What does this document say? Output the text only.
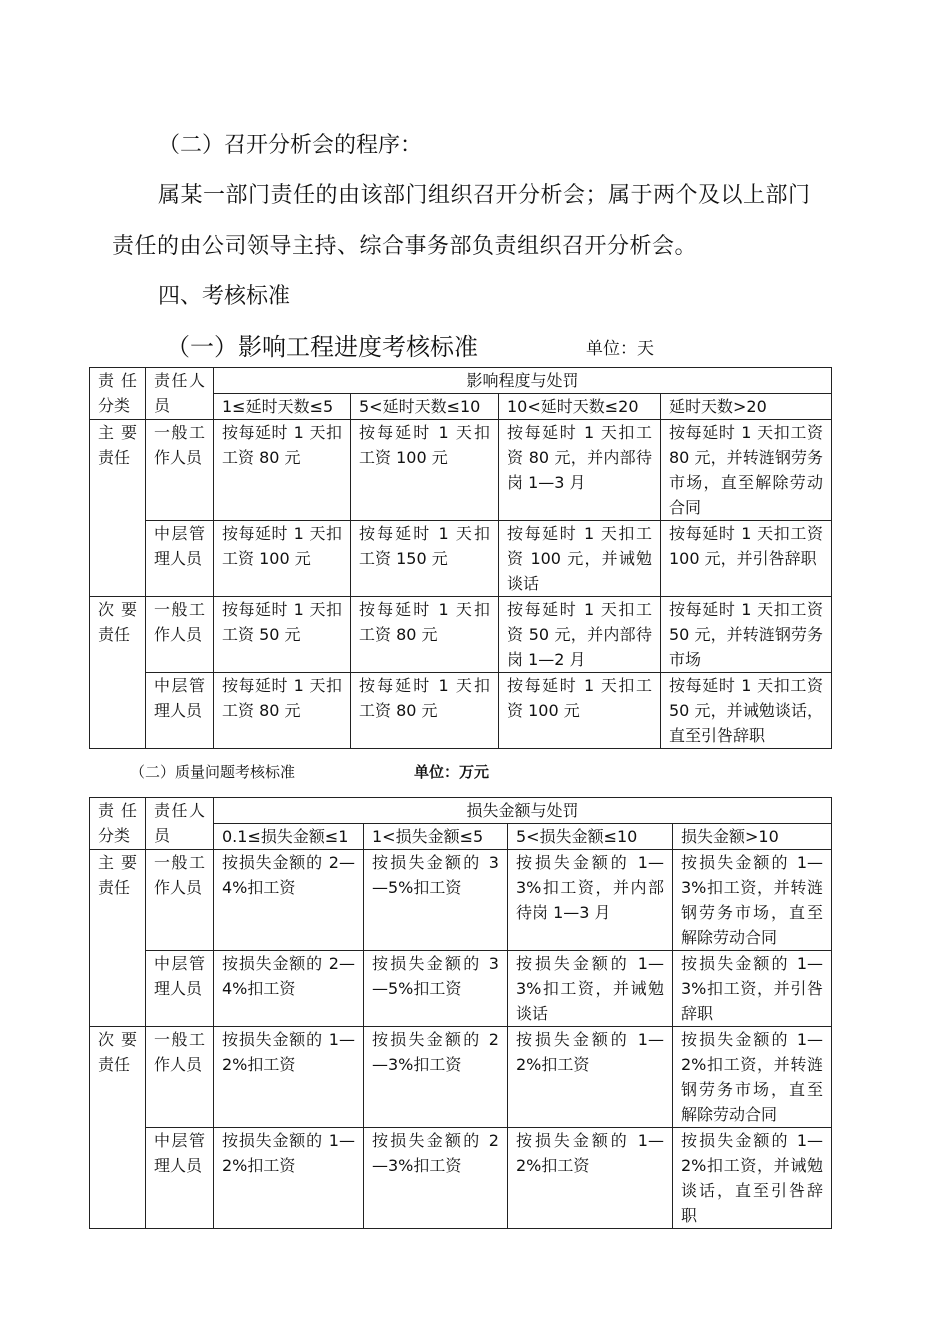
（二）召开分析会的程序：
属某一部门责任的由该部门组织召开分析会；属于两个及以上部门
责任的由公司领导主持、综合事务部负责组织召开分析会。
四、考核标准
（一）影响工程进度考核标准	单位：天
责任分类	责任人员	影响程度与处罚			
		1≤延时天数≤5	5<延时天数≤10	10<延时天数≤20	延时天数>20
主要责任	一般工作人员	按每延时 1 天扣工资 80 元	按每延时 1 天扣工资 100 元	按每延时 1 天扣工资 80 元，并内部待岗 1—3 月	按每延时 1 天扣工资 80 元，并转涟钢劳务市场，直至解除劳动合同
	中层管理人员	按每延时 1 天扣工资 100 元	按每延时 1 天扣工资 150 元	按每延时 1 天扣工资 100 元，并诫勉谈话	按每延时 1 天扣工资 100 元，并引咎辞职
次要责任	一般工作人员	按每延时 1 天扣工资 50 元	按每延时 1 天扣工资 80 元	按每延时 1 天扣工资 50 元，并内部待岗 1—2 月	按每延时 1 天扣工资 50 元，并转涟钢劳务市场
	中层管理人员	按每延时 1 天扣工资 80 元	按每延时 1 天扣工资 80 元	按每延时 1 天扣工资 100 元	按每延时 1 天扣工资 50 元，并诫勉谈话，直至引咎辞职
（二）质量问题考核标准	单位：万元
责任分类	责任人员	损失金额与处罚			
		0.1≤损失金额≤1	1<损失金额≤5	5<损失金额≤10	损失金额>10
主要责任	一般工作人员	按损失金额的 2—4%扣工资	按损失金额的 3—5%扣工资	按损失金额的 1—3%扣工资，并内部待岗 1—3 月	按损失金额的 1—3%扣工资，并转涟钢劳务市场，直至解除劳动合同
	中层管理人员	按损失金额的 2—4%扣工资	按损失金额的 3—5%扣工资	按损失金额的 1—3%扣工资，并诫勉谈话	按损失金额的 1—3%扣工资，并引咎辞职
次要责任	一般工作人员	按损失金额的 1—2%扣工资	按损失金额的 2—3%扣工资	按损失金额的 1—2%扣工资	按损失金额的 1—2%扣工资，并转涟钢劳务市场，直至解除劳动合同
	中层管理人员	按损失金额的 1—2%扣工资	按损失金额的 2—3%扣工资	按损失金额的 1—2%扣工资	按损失金额的 1—2%扣工资，并诫勉谈话，直至引咎辞职
